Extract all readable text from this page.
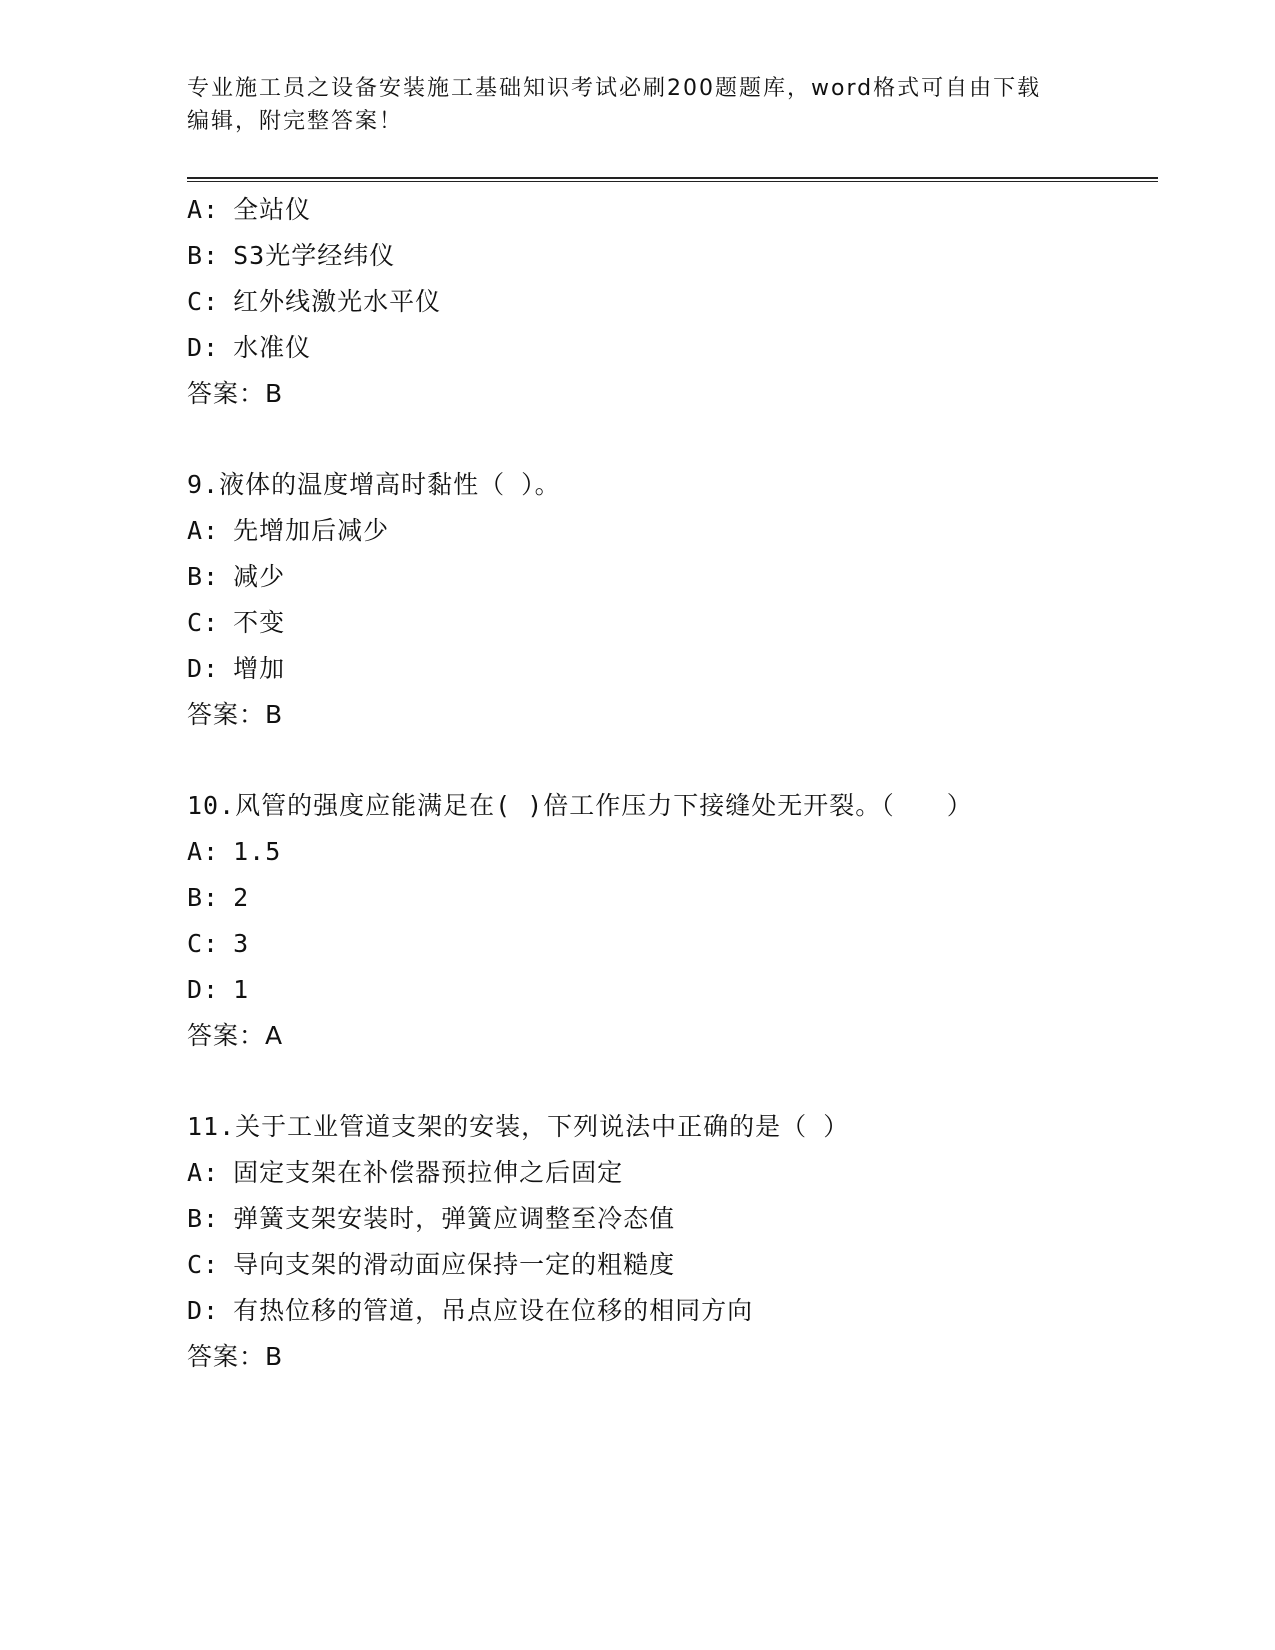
专业施工员之设备安装施工基础知识考试必刷200题题库，word格式可自由下载
编辑，附完整答案！
A: 全站仪
B: S3光学经纬仪
C: 红外线激光水平仪
D: 水准仪
答案：B
9.液体的温度增高时黏性（ ）。
A: 先增加后减少
B: 减少
C: 不变
D: 增加
答案：B
10.风管的强度应能满足在( )倍工作压力下接缝处无开裂。（　　）
A: 1.5
B: 2
C: 3
D: 1
答案：A
11.关于工业管道支架的安装，下列说法中正确的是（ ）
A: 固定支架在补偿器预拉伸之后固定
B: 弹簧支架安装时，弹簧应调整至冷态值
C: 导向支架的滑动面应保持一定的粗糙度
D: 有热位移的管道，吊点应设在位移的相同方向
答案：B
